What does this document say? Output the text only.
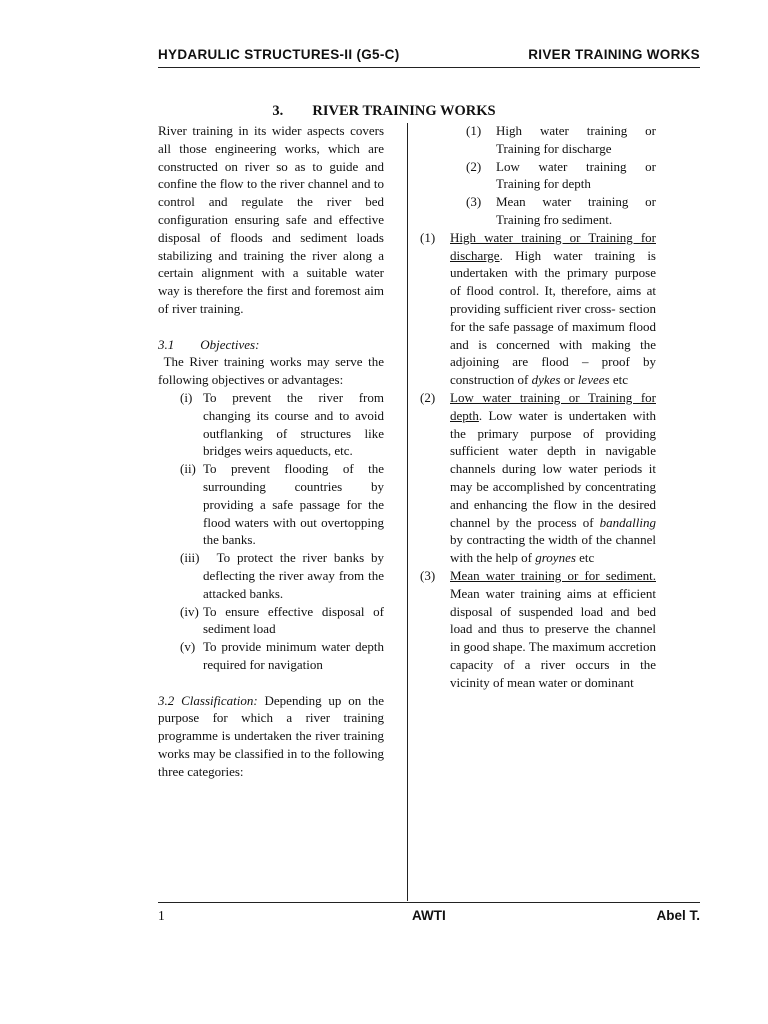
HYDARULIC STRUCTURES-II (G5-C)	RIVER TRAINING WORKS
3. RIVER TRAINING WORKS

River training in its wider aspects covers all those engineering works, which are constructed on river so as to guide and confine the flow to the river channel and to control and regulate the river bed configuration ensuring safe and effective disposal of floods and sediment loads stabilizing and training the river along a certain alignment with a suitable water way is therefore the first and foremost aim of river training.

3.1        Objectives:

The River training works may serve the following objectives or advantages:

(i) To prevent the river from changing its course and to avoid outflanking of structures like bridges weirs aqueducts, etc.
(ii) To prevent flooding of the surrounding countries by providing a safe passage for the flood waters with out overtopping the banks.
(iii) To protect the river banks by deflecting the river away from the attacked banks.
(iv) To ensure effective disposal of sediment load
(v) To provide minimum water depth required for navigation

3.2 Classification: Depending up on the purpose for which a river training programme is undertaken the river training works may be classified in to the following three categories:

(1)	High water training or Training for discharge
(2)	Low water training or Training for depth
(3)	Mean water training or Training fro sediment.
(1)	High water training or Training for discharge. High water training is undertaken with the primary purpose of flood control. It, therefore, aims at providing sufficient river cross- section for the safe passage of maximum flood and is concerned with making the adjoining are flood – proof by construction of dykes or levees etc
(2)	Low water training or Training for depth. Low water is undertaken with the primary purpose of providing sufficient water depth in navigable channels during low water periods it may be accomplished by concentrating and enhancing the flow in the desired channel by the process of bandalling by contracting the width of the channel with the help of groynes etc
(3)	Mean water training or for sediment. Mean water training aims at efficient disposal of suspended load and bed load and thus to preserve the channel in good shape. The maximum accretion capacity of a river occurs in the vicinity of mean water or dominant
1	AWTI	Abel T.
